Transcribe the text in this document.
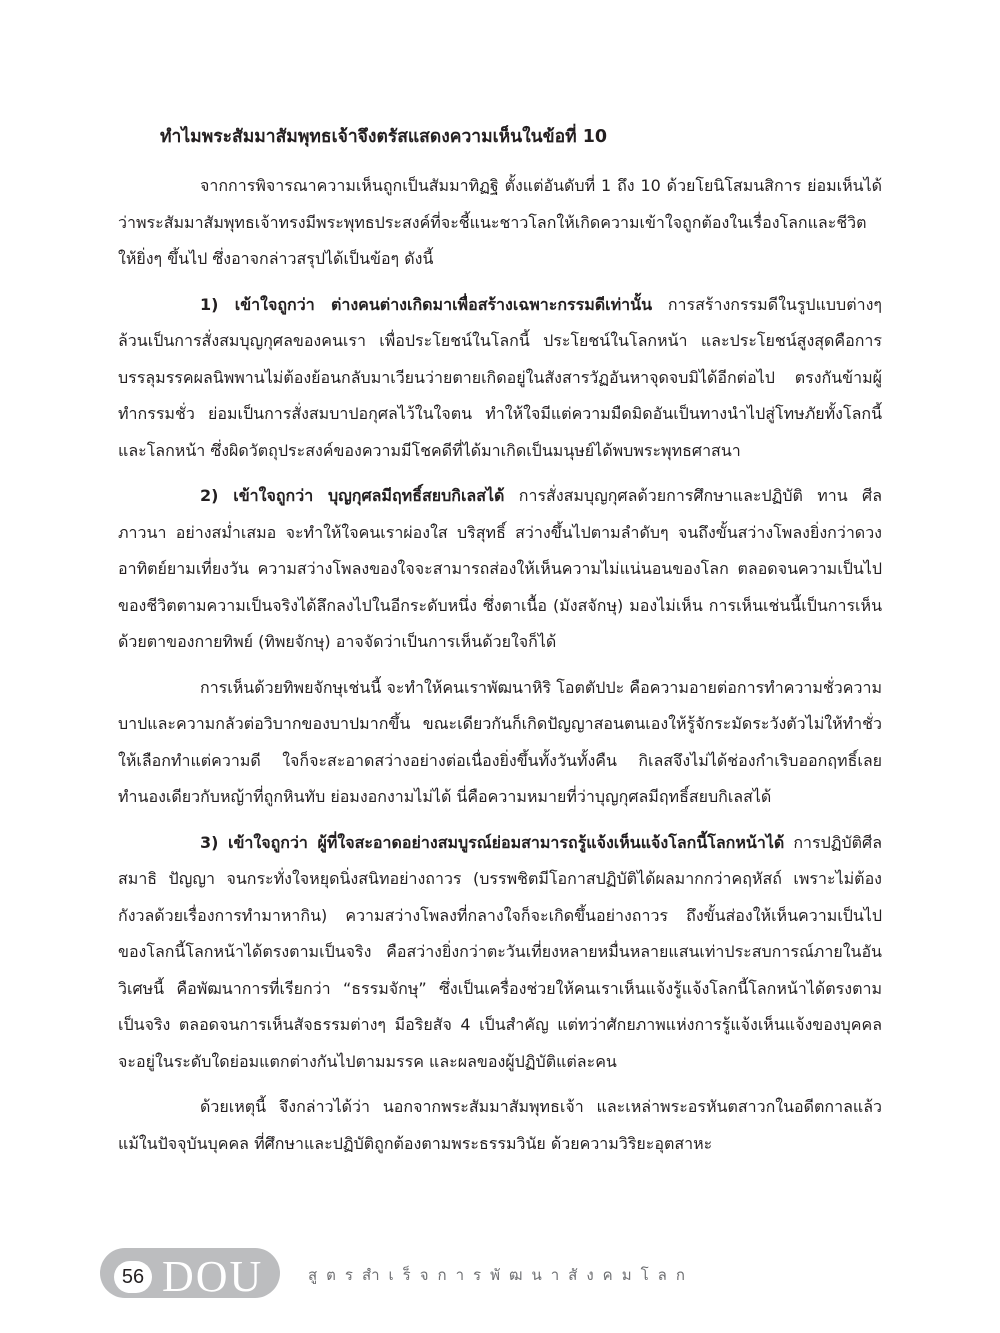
ทำไมพระสัมมาสัมพุทธเจ้าจึงตรัสแสดงความเห็นในข้อที่ 10

จากการพิจารณาความเห็นถูกเป็นสัมมาทิฏฐิ ตั้งแต่อันดับที่ 1 ถึง 10 ด้วยโยนิโสมนสิการ ย่อมเห็นได้ว่าพระสัมมาสัมพุทธเจ้าทรงมีพระพุทธประสงค์ที่จะชี้แนะชาวโลกให้เกิดความเข้าใจถูกต้องในเรื่องโลกและชีวิตให้ยิ่งๆ ขึ้นไป ซึ่งอาจกล่าวสรุปได้เป็นข้อๆ ดังนี้

1) เข้าใจถูกว่า ต่างคนต่างเกิดมาเพื่อสร้างเฉพาะกรรมดีเท่านั้น การสร้างกรรมดีในรูปแบบต่างๆ ล้วนเป็นการสั่งสมบุญกุศลของคนเรา เพื่อประโยชน์ในโลกนี้ ประโยชน์ในโลกหน้า และประโยชน์สูงสุดคือการบรรลุมรรคผลนิพพานไม่ต้องย้อนกลับมาเวียนว่ายตายเกิดอยู่ในสังสารวัฏอันหาจุดจบมิได้อีกต่อไป ตรงกันข้ามผู้ทำกรรมชั่ว ย่อมเป็นการสั่งสมบาปอกุศลไว้ในใจตน ทำให้ใจมีแต่ความมืดมิดอันเป็นทางนำไปสู่โทษภัยทั้งโลกนี้และโลกหน้า ซึ่งผิดวัตถุประสงค์ของความมีโชคดีที่ได้มาเกิดเป็นมนุษย์ได้พบพระพุทธศาสนา

2) เข้าใจถูกว่า บุญกุศลมีฤทธิ์สยบกิเลสได้ การสั่งสมบุญกุศลด้วยการศึกษาและปฏิบัติ ทาน ศีล ภาวนา อย่างสม่ำเสมอ จะทำให้ใจคนเราผ่องใส บริสุทธิ์ สว่างขึ้นไปตามลำดับๆ จนถึงขั้นสว่างโพลงยิ่งกว่าดวงอาทิตย์ยามเที่ยงวัน ความสว่างโพลงของใจจะสามารถส่องให้เห็นความไม่แน่นอนของโลก ตลอดจนความเป็นไปของชีวิตตามความเป็นจริงได้ลึกลงไปในอีกระดับหนึ่ง ซึ่งตาเนื้อ (มังสจักษุ) มองไม่เห็น การเห็นเช่นนี้เป็นการเห็นด้วยตาของกายทิพย์ (ทิพยจักษุ) อาจจัดว่าเป็นการเห็นด้วยใจก็ได้

การเห็นด้วยทิพยจักษุเช่นนี้ จะทำให้คนเราพัฒนาหิริ โอตตัปปะ คือความอายต่อการทำความชั่วความบาปและความกลัวต่อวิบากของบาปมากขึ้น ขณะเดียวกันก็เกิดปัญญาสอนตนเองให้รู้จักระมัดระวังตัวไม่ให้ทำชั่ว ให้เลือกทำแต่ความดี ใจก็จะสะอาดสว่างอย่างต่อเนื่องยิ่งขึ้นทั้งวันทั้งคืน กิเลสจึงไม่ได้ช่องกำเริบออกฤทธิ์เลย ทำนองเดียวกับหญ้าที่ถูกหินทับ ย่อมงอกงามไม่ได้ นี่คือความหมายที่ว่าบุญกุศลมีฤทธิ์สยบกิเลสได้

3) เข้าใจถูกว่า ผู้ที่ใจสะอาดอย่างสมบูรณ์ย่อมสามารถรู้แจ้งเห็นแจ้งโลกนี้โลกหน้าได้ การปฏิบัติศีล สมาธิ ปัญญา จนกระทั่งใจหยุดนิ่งสนิทอย่างถาวร (บรรพชิตมีโอกาสปฏิบัติได้ผลมากกว่าคฤหัสถ์ เพราะไม่ต้องกังวลด้วยเรื่องการทำมาหากิน) ความสว่างโพลงที่กลางใจก็จะเกิดขึ้นอย่างถาวร ถึงขั้นส่องให้เห็นความเป็นไปของโลกนี้โลกหน้าได้ตรงตามเป็นจริง คือสว่างยิ่งกว่าตะวันเที่ยงหลายหมื่นหลายแสนเท่าประสบการณ์ภายในอันวิเศษนี้ คือพัฒนาการที่เรียกว่า “ธรรมจักษุ” ซึ่งเป็นเครื่องช่วยให้คนเราเห็นแจ้งรู้แจ้งโลกนี้โลกหน้าได้ตรงตามเป็นจริง ตลอดจนการเห็นสัจธรรมต่างๆ มีอริยสัจ 4 เป็นสำคัญ แต่ทว่าศักยภาพแห่งการรู้แจ้งเห็นแจ้งของบุคคลจะอยู่ในระดับใดย่อมแตกต่างกันไปตามมรรค และผลของผู้ปฏิบัติแต่ละคน

ด้วยเหตุนี้ จึงกล่าวได้ว่า นอกจากพระสัมมาสัมพุทธเจ้า และเหล่าพระอรหันตสาวกในอดีตกาลแล้ว แม้ในปัจจุบันบุคคล ที่ศึกษาและปฏิบัติถูกต้องตามพระธรรมวินัย ด้วยความวิริยะอุตสาหะ

56 DOU	สูตรสำเร็จการพัฒนาสังคมโลก
